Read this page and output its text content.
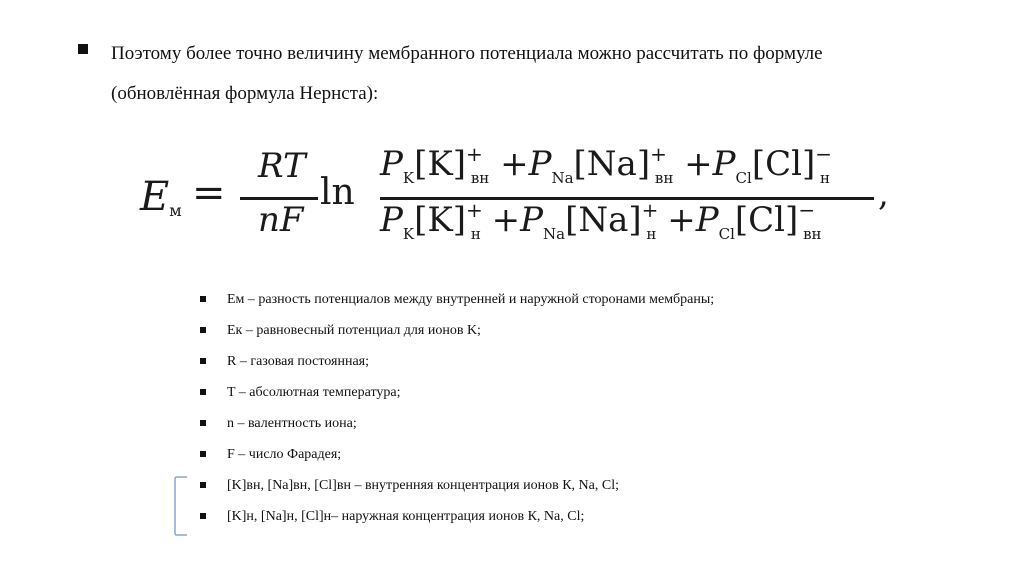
Поэтому более точно величину мембранного потенциала можно рассчитать по формуле
(обновлённая формула Нернста):
Eм =
RT
nF
ln
$P_K[K]^+_{вн} +P_{Na}[Na]^+_{вн} +P_{Cl}[Cl]^-_н$
$P_K[K]^+_н +P_{Na}[Na]^+_н +P_{Cl}[Cl]^-_{вн}$
,
Ем – разность потенциалов между внутренней и наружной сторонами мембраны;
Ек – равновесный потенциал для ионов K;
R – газовая постоянная;
T – абсолютная температура;
n – валентность иона;
F – число Фарадея;
[K]вн, [Na]вн, [Cl]вн – внутренняя концентрация ионов К, Na, Cl;
[K]н, [Na]н, [Cl]н– наружная концентрация ионов К, Na, Cl;
